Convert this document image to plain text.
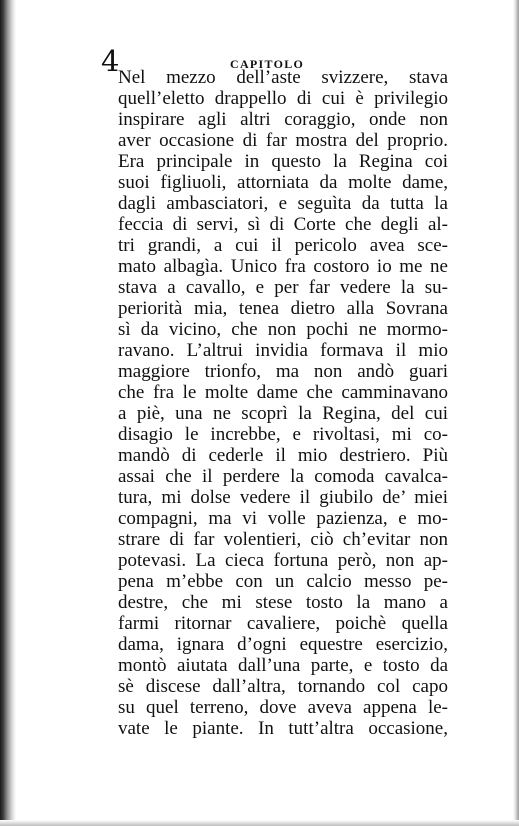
4	CAPITOLO
Nel mezzo dell’aste svizzere, stava
quell’eletto drappello di cui è privilegio
inspirare agli altri coraggio, onde non
aver occasione di far mostra del proprio.
Era principale in questo la Regina coi
suoi figliuoli, attorniata da molte dame,
dagli ambasciatori, e seguìta da tutta la
feccia di servi, sì di Corte che degli al-
tri grandi, a cui il pericolo avea sce-
mato albagìa. Unico fra costoro io me ne
stava a cavallo, e per far vedere la su-
periorità mia, tenea dietro alla Sovrana
sì da vicino, che non pochi ne mormo-
ravano. L’altrui invidia formava il mio
maggiore trionfo, ma non andò guari
che fra le molte dame che camminavano
a piè, una ne scoprì la Regina, del cui
disagio le increbbe, e rivoltasi, mi co-
mandò di cederle il mio destriero. Più
assai che il perdere la comoda cavalca-
tura, mi dolse vedere il giubilo de’ miei
compagni, ma vi volle pazienza, e mo-
strare di far volentieri, ciò ch’evitar non
potevasi. La cieca fortuna però, non ap-
pena m’ebbe con un calcio messo pe-
destre, che mi stese tosto la mano a
farmi ritornar cavaliere, poichè quella
dama, ignara d’ogni equestre esercizio,
montò aiutata dall’una parte, e tosto da
sè discese dall’altra, tornando col capo
su quel terreno, dove aveva appena le-
vate le piante. In tutt’altra occasione,
